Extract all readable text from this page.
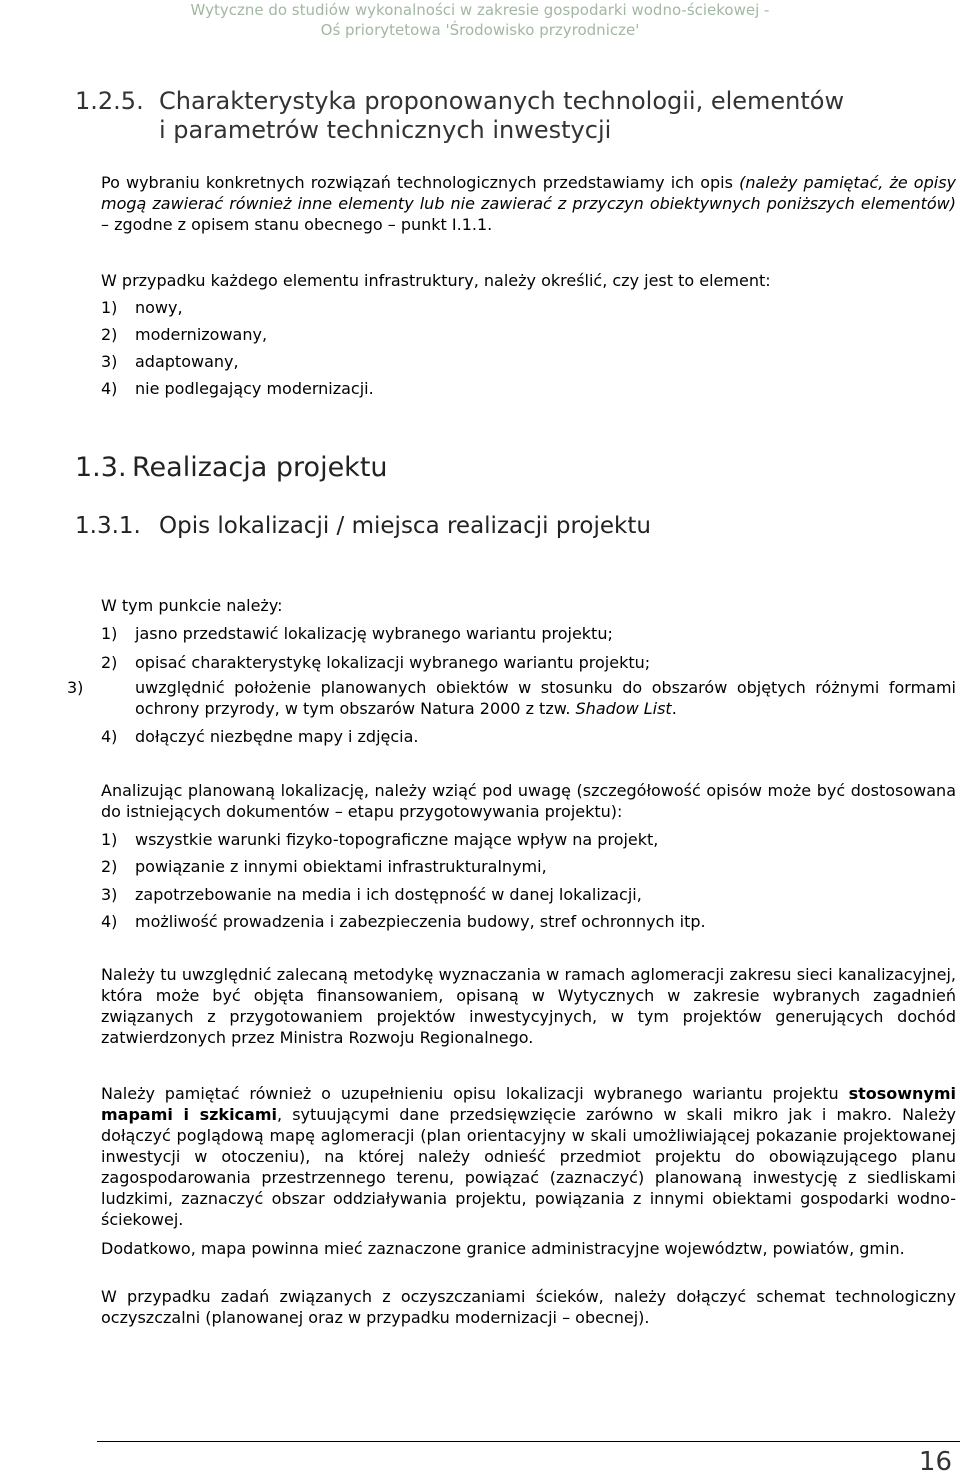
Wytyczne do studiów wykonalności w zakresie gospodarki wodno-ściekowej -
Oś priorytetowa 'Środowisko przyrodnicze'
1.2.5. Charakterystyka proponowanych technologii, elementów
i parametrów technicznych inwestycji
Po wybraniu konkretnych rozwiązań technologicznych przedstawiamy ich opis (należy pamiętać, że opisy mogą zawierać również inne elementy lub nie zawierać z przyczyn obiektywnych poniższych elementów) – zgodne z opisem stanu obecnego – punkt I.1.1.
W przypadku każdego elementu infrastruktury, należy określić, czy jest to element:
1) nowy,
2) modernizowany,
3) adaptowany,
4) nie podlegający modernizacji.
1.3. Realizacja projektu
1.3.1. Opis lokalizacji / miejsca realizacji projektu
W tym punkcie należy:
1) jasno przedstawić lokalizację wybranego wariantu projektu;
2) opisać charakterystykę lokalizacji wybranego wariantu projektu;
3)	uwzględnić położenie planowanych obiektów w stosunku do obszarów objętych różnymi formami ochrony przyrody, w tym obszarów Natura 2000 z tzw. Shadow List.
4) dołączyć niezbędne mapy i zdjęcia.
Analizując planowaną lokalizację, należy wziąć pod uwagę (szczegółowość opisów może być dostosowana do istniejących dokumentów – etapu przygotowywania projektu):
1) wszystkie warunki fizyko-topograficzne mające wpływ na projekt,
2) powiązanie z innymi obiektami infrastrukturalnymi,
3) zapotrzebowanie na media i ich dostępność w danej lokalizacji,
4) możliwość prowadzenia i zabezpieczenia budowy, stref ochronnych itp.
Należy tu uwzględnić zalecaną metodykę wyznaczania w ramach aglomeracji zakresu sieci kanalizacyjnej, która może być objęta finansowaniem, opisaną w Wytycznych w zakresie wybranych zagadnień związanych z przygotowaniem projektów inwestycyjnych, w tym projektów generujących dochód zatwierdzonych przez Ministra Rozwoju Regionalnego.
Należy pamiętać również o uzupełnieniu opisu lokalizacji wybranego wariantu projektu stosownymi mapami i szkicami, sytuującymi dane przedsięwzięcie zarówno w skali mikro jak i makro. Należy dołączyć poglądową mapę aglomeracji (plan orientacyjny w skali umożliwiającej pokazanie projektowanej inwestycji w otoczeniu), na której należy odnieść przedmiot projektu do obowiązującego planu zagospodarowania przestrzennego terenu, powiązać (zaznaczyć) planowaną inwestycję z siedliskami ludzkimi, zaznaczyć obszar oddziaływania projektu, powiązania z innymi obiektami gospodarki wodno-ściekowej.
Dodatkowo, mapa powinna mieć zaznaczone granice administracyjne województw, powiatów, gmin.
W przypadku zadań związanych z oczyszczaniami ścieków, należy dołączyć schemat technologiczny oczyszczalni (planowanej oraz w przypadku modernizacji – obecnej).
16
